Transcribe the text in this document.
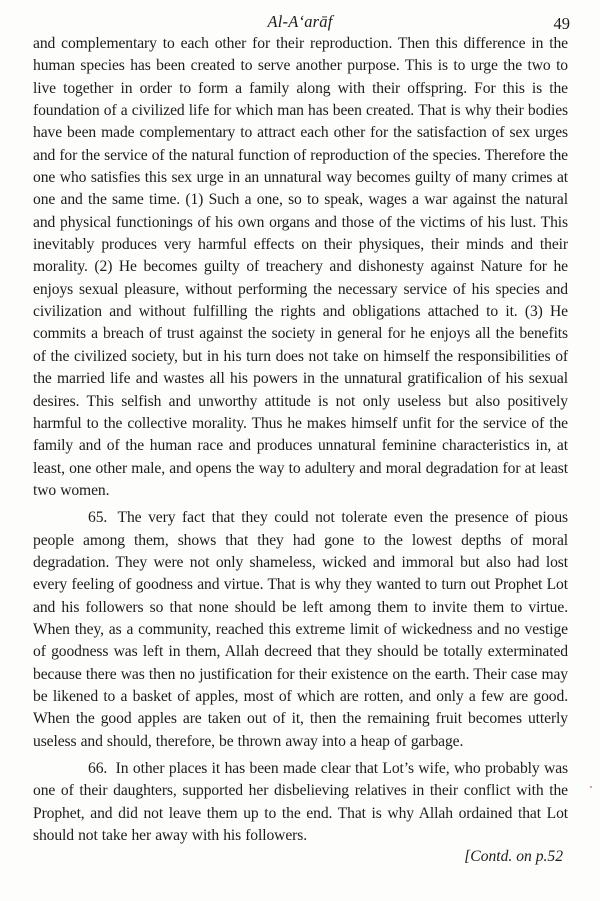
Al-A‘arāf	49

and complementary to each other for their reproduction. Then this difference in the human species has been created to serve another purpose. This is to urge the two to live together in order to form a family along with their offspring. For this is the foundation of a civilized life for which man has been created. That is why their bodies have been made complementary to attract each other for the satisfaction of sex urges and for the service of the natural function of reproduction of the species. Therefore the one who satisfies this sex urge in an unnatural way becomes guilty of many crimes at one and the same time. (1) Such a one, so to speak, wages a war against the natural and physical functionings of his own organs and those of the victims of his lust. This inevitably produces very harmful effects on their physiques, their minds and their morality. (2) He becomes guilty of treachery and dishonesty against Nature for he enjoys sexual pleasure, without performing the necessary service of his species and civilization and without fulfilling the rights and obligations attached to it. (3) He commits a breach of trust against the society in general for he enjoys all the benefits of the civilized society, but in his turn does not take on himself the responsibilities of the married life and wastes all his powers in the unnatural gratificalion of his sexual desires. This selfish and unworthy attitude is not only useless but also positively harmful to the collective morality. Thus he makes himself unfit for the service of the family and of the human race and produces unnatural feminine characteristics in, at least, one other male, and opens the way to adultery and moral degradation for at least two women.

65. The very fact that they could not tolerate even the presence of pious people among them, shows that they had gone to the lowest depths of moral degradation. They were not only shameless, wicked and immoral but also had lost every feeling of goodness and virtue. That is why they wanted to turn out Prophet Lot and his followers so that none should be left among them to invite them to virtue. When they, as a community, reached this extreme limit of wickedness and no vestige of goodness was left in them, Allah decreed that they should be totally exterminated because there was then no justification for their existence on the earth. Their case may be likened to a basket of apples, most of which are rotten, and only a few are good. When the good apples are taken out of it, then the remaining fruit becomes utterly useless and should, therefore, be thrown away into a heap of garbage.

66. In other places it has been made clear that Lot’s wife, who probably was one of their daughters, supported her disbelieving relatives in their conflict with the Prophet, and did not leave them up to the end. That is why Allah ordained that Lot should not take her away with his followers.

[Contd. on p.52
